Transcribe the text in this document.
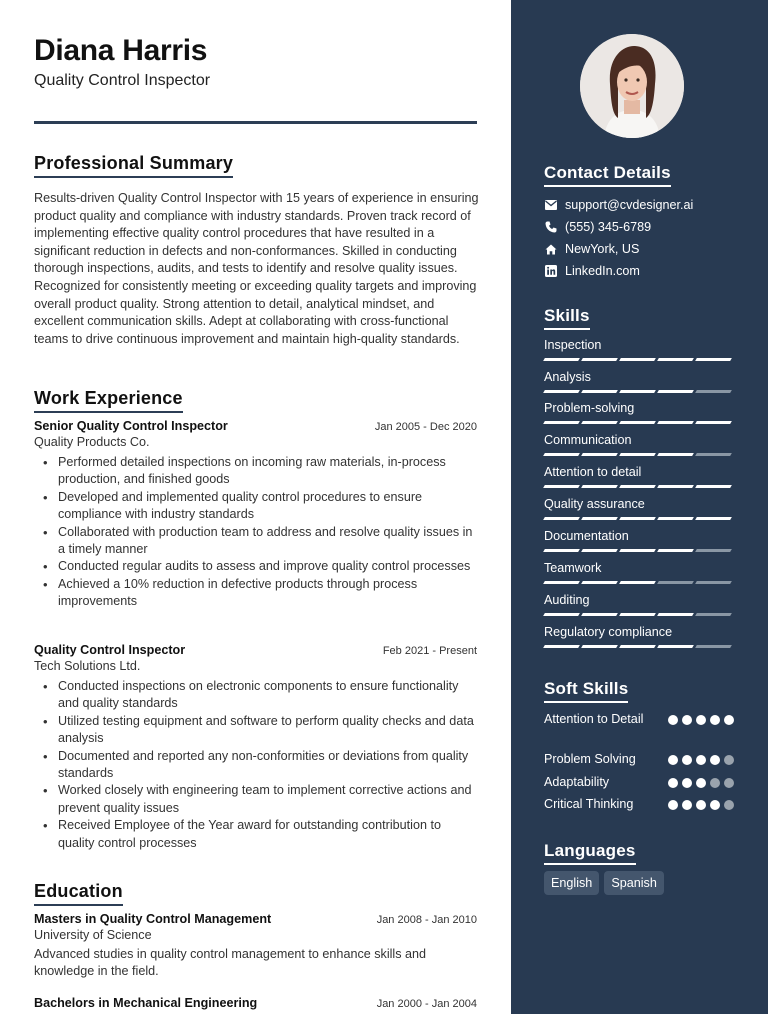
Diana Harris
Quality Control Inspector
Professional Summary
Results-driven Quality Control Inspector with 15 years of experience in ensuring product quality and compliance with industry standards. Proven track record of implementing effective quality control procedures that have resulted in a significant reduction in defects and non-conformances. Skilled in conducting thorough inspections, audits, and tests to identify and resolve quality issues. Recognized for consistently meeting or exceeding quality targets and improving overall product quality. Strong attention to detail, analytical mindset, and excellent communication skills. Adept at collaborating with cross-functional teams to drive continuous improvement and maintain high-quality standards.
Work Experience
Senior Quality Control Inspector	Jan 2005 - Dec 2020
Quality Products Co.
• Performed detailed inspections on incoming raw materials, in-process production, and finished goods
• Developed and implemented quality control procedures to ensure compliance with industry standards
• Collaborated with production team to address and resolve quality issues in a timely manner
• Conducted regular audits to assess and improve quality control processes
• Achieved a 10% reduction in defective products through process improvements
Quality Control Inspector	Feb 2021 - Present
Tech Solutions Ltd.
• Conducted inspections on electronic components to ensure functionality and quality standards
• Utilized testing equipment and software to perform quality checks and data analysis
• Documented and reported any non-conformities or deviations from quality standards
• Worked closely with engineering team to implement corrective actions and prevent quality issues
• Received Employee of the Year award for outstanding contribution to quality control processes
Education
Masters in Quality Control Management	Jan 2008 - Jan 2010
University of Science
Advanced studies in quality control management to enhance skills and knowledge in the field.
Bachelors in Mechanical Engineering	Jan 2000 - Jan 2004
Contact Details
support@cvdesigner.ai
(555) 345-6789
NewYork, US
LinkedIn.com
Skills
Inspection
Analysis
Problem-solving
Communication
Attention to detail
Quality assurance
Documentation
Teamwork
Auditing
Regulatory compliance
Soft Skills
Attention to Detail
Problem Solving
Adaptability
Critical Thinking
Languages
English	Spanish
